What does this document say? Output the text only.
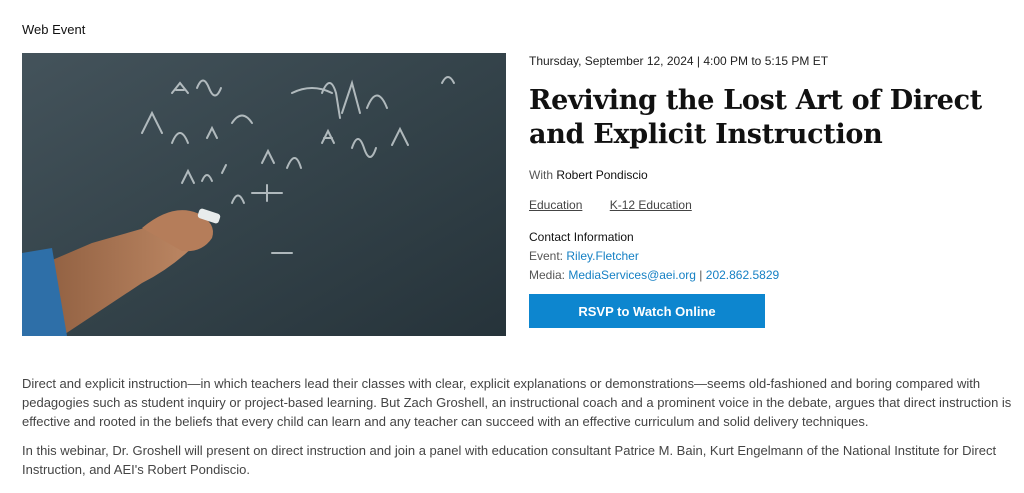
Web Event
Thursday, September 12, 2024 | 4:00 PM to 5:15 PM ET
Reviving the Lost Art of Direct and Explicit Instruction
With Robert Pondiscio
Education K-12 Education
Contact Information
Event: Riley.Fletcher
Media: MediaServices@aei.org | 202.862.5829
RSVP to Watch Online

Direct and explicit instruction—in which teachers lead their classes with clear, explicit explanations or demonstrations—seems old-fashioned and boring compared with pedagogies such as student inquiry or project-based learning. But Zach Groshell, an instructional coach and a prominent voice in the debate, argues that direct instruction is effective and rooted in the beliefs that every child can learn and any teacher can succeed with an effective curriculum and solid delivery techniques.

In this webinar, Dr. Groshell will present on direct instruction and join a panel with education consultant Patrice M. Bain, Kurt Engelmann of the National Institute for Direct Instruction, and AEI's Robert Pondiscio.
